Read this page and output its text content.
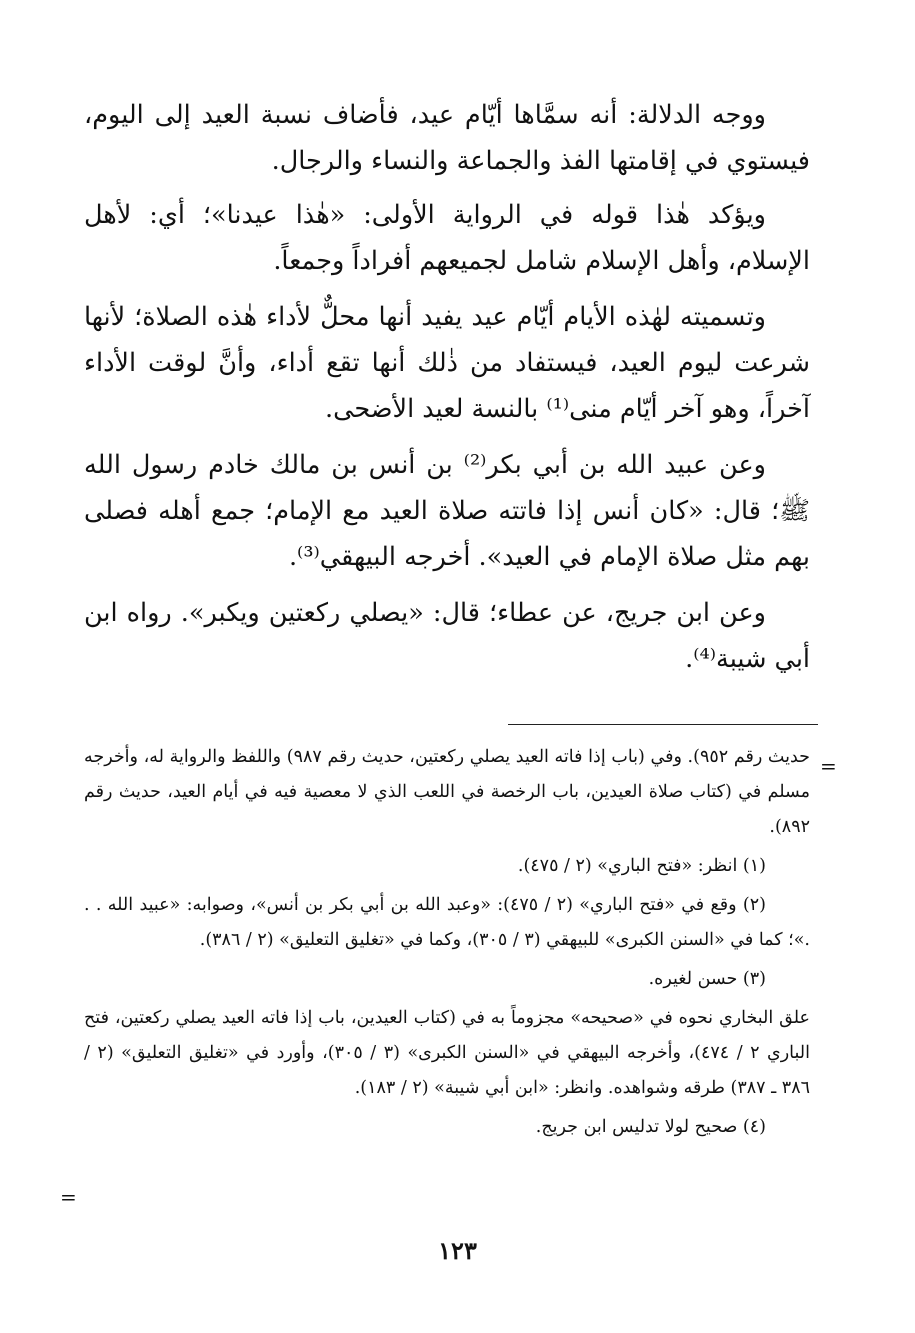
ووجه الدلالة: أنه سمَّاها أيّام عيد، فأضاف نسبة العيد إلى اليوم، فيستوي في إقامتها الفذ والجماعة والنساء والرجال.

ويؤكد هٰذا قوله في الرواية الأولى: «هٰذا عيدنا»؛ أي: لأهل الإسلام، وأهل الإسلام شامل لجميعهم أفراداً وجمعاً.

وتسميته لهٰذه الأيام أيّام عيد يفيد أنها محلٌّ لأداء هٰذه الصلاة؛ لأنها شرعت ليوم العيد، فيستفاد من ذٰلك أنها تقع أداء، وأنَّ لوقت الأداء آخراً، وهو آخر أيّام منى⁽¹⁾ بالنسة لعيد الأضحى.

وعن عبيد الله بن أبي بكر⁽²⁾ بن أنس بن مالك خادم رسول الله ﷺ؛ قال: «كان أنس إذا فاتته صلاة العيد مع الإمام؛ جمع أهله فصلى بهم مثل صلاة الإمام في العيد». أخرجه البيهقي⁽³⁾.

وعن ابن جريج، عن عطاء؛ قال: «يصلي ركعتين ويكبر». رواه ابن أبي شيبة⁽⁴⁾.

=

حديث رقم ٩٥٢). وفي (باب إذا فاته العيد يصلي ركعتين، حديث رقم ٩٨٧) واللفظ والرواية له، وأخرجه مسلم في (كتاب صلاة العيدين، باب الرخصة في اللعب الذي لا معصية فيه في أيام العيد، حديث رقم ٨٩٢).

(١) انظر: «فتح الباري» (٢ / ٤٧٥).

(٢) وقع في «فتح الباري» (٢ / ٤٧٥): «وعبد الله بن أبي بكر بن أنس»، وصوابه: «عبيد الله . . .»؛ كما في «السنن الكبرى» للبيهقي (٣ / ٣٠٥)، وكما في «تغليق التعليق» (٢ / ٣٨٦).

(٣) حسن لغيره.

علق البخاري نحوه في «صحيحه» مجزوماً به في (كتاب العيدين، باب إذا فاته العيد يصلي ركعتين، فتح الباري ٢ / ٤٧٤)، وأخرجه البيهقي في «السنن الكبرى» (٣ / ٣٠٥)، وأورد في «تغليق التعليق» (٢ / ٣٨٦ ـ ٣٨٧) طرقه وشواهده. وانظر: «ابن أبي شيبة» (٢ / ١٨٣).

(٤) صحيح لولا تدليس ابن جريج.

=
١٢٣
